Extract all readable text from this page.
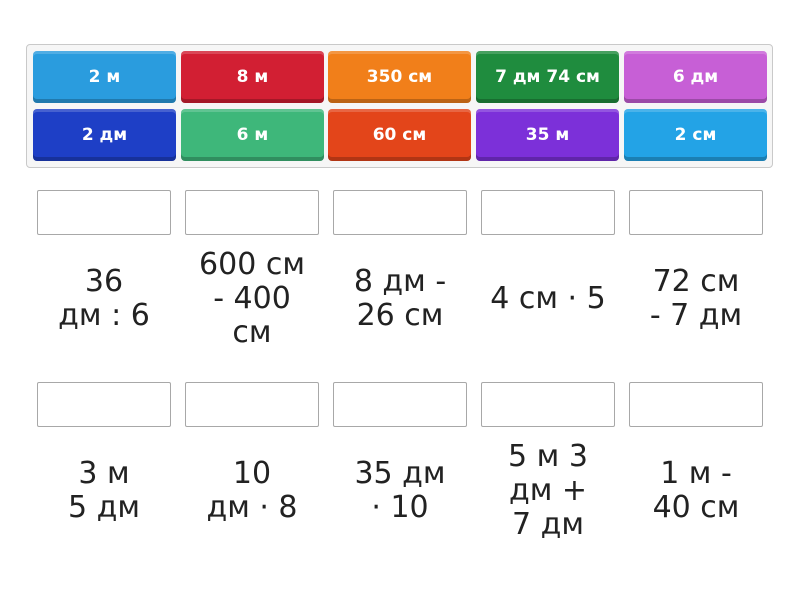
2 м	8 м	350 см	7 дм 74 см	6 дм
2 дм	6 м	60 см	35 м	2 см
36
дм : 6
600 см
- 400
см
8 дм -
26 см	4 см · 5	72 см
- 7 дм
3 м
5 дм
10
дм · 8
35 дм
· 10
5 м 3
дм +
7 дм
1 м -
40 см
